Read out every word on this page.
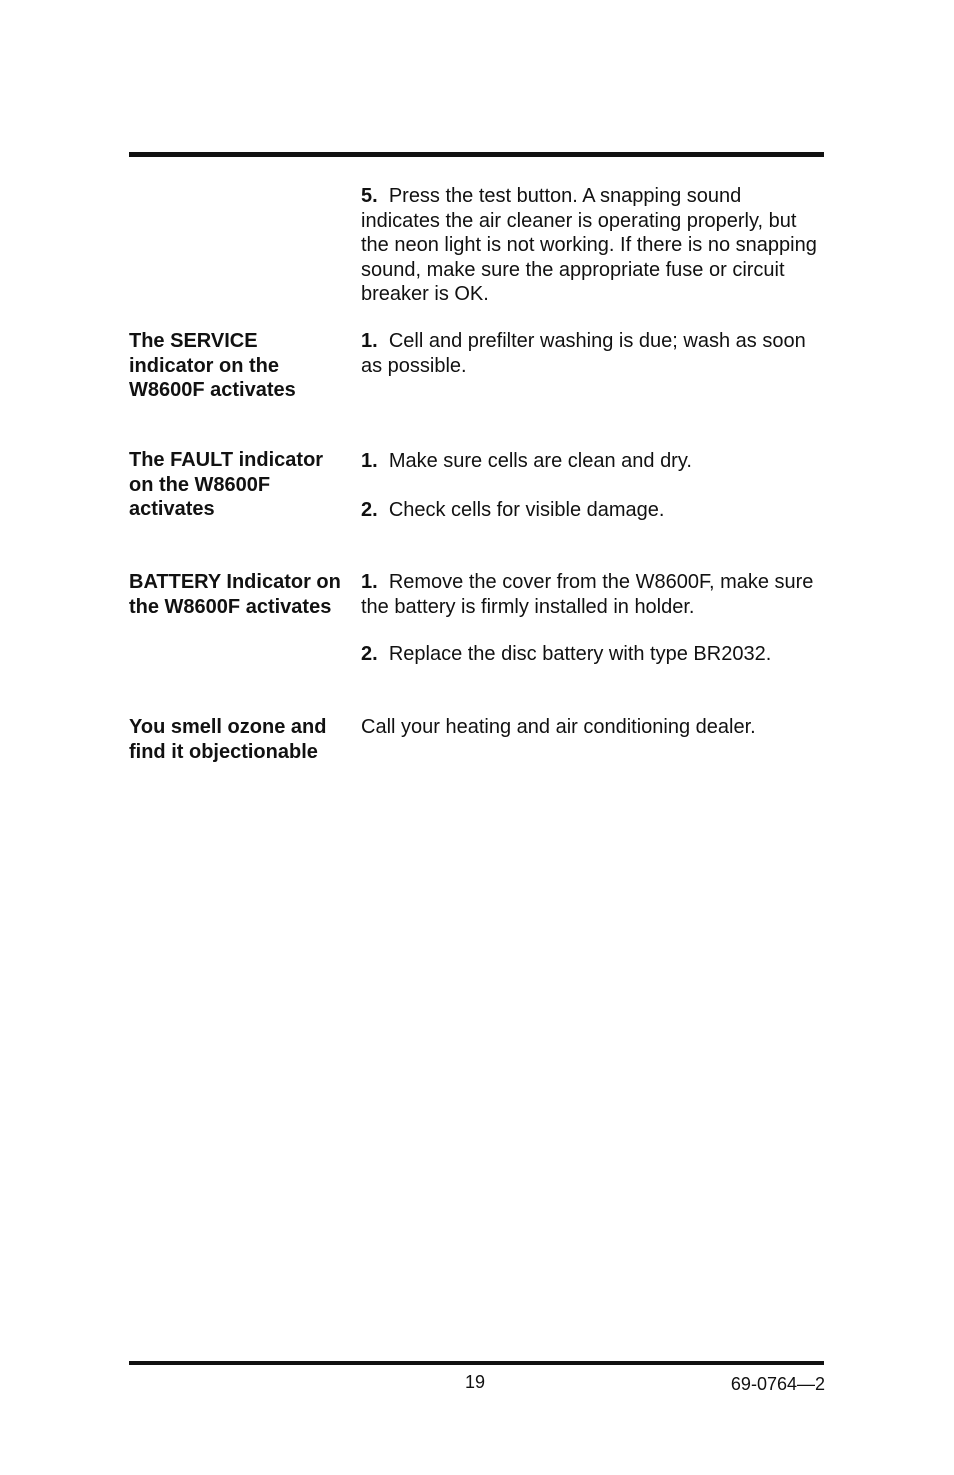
5. Press the test button. A snapping sound indicates the air cleaner is operating properly, but the neon light is not working. If there is no snapping sound, make sure the appropriate fuse or circuit breaker is OK.
The SERVICE indicator on the W8600F activates
1. Cell and prefilter washing is due; wash as soon as possible.
The FAULT indicator on the W8600F activates
1. Make sure cells are clean and dry.
2. Check cells for visible damage.
BATTERY Indicator on the W8600F activates
1. Remove the cover from the W8600F, make sure the battery is firmly installed in holder.
2. Replace the disc battery with type BR2032.
You smell ozone and find it objectionable
Call your heating and air conditioning dealer.
19	69-0764—2
